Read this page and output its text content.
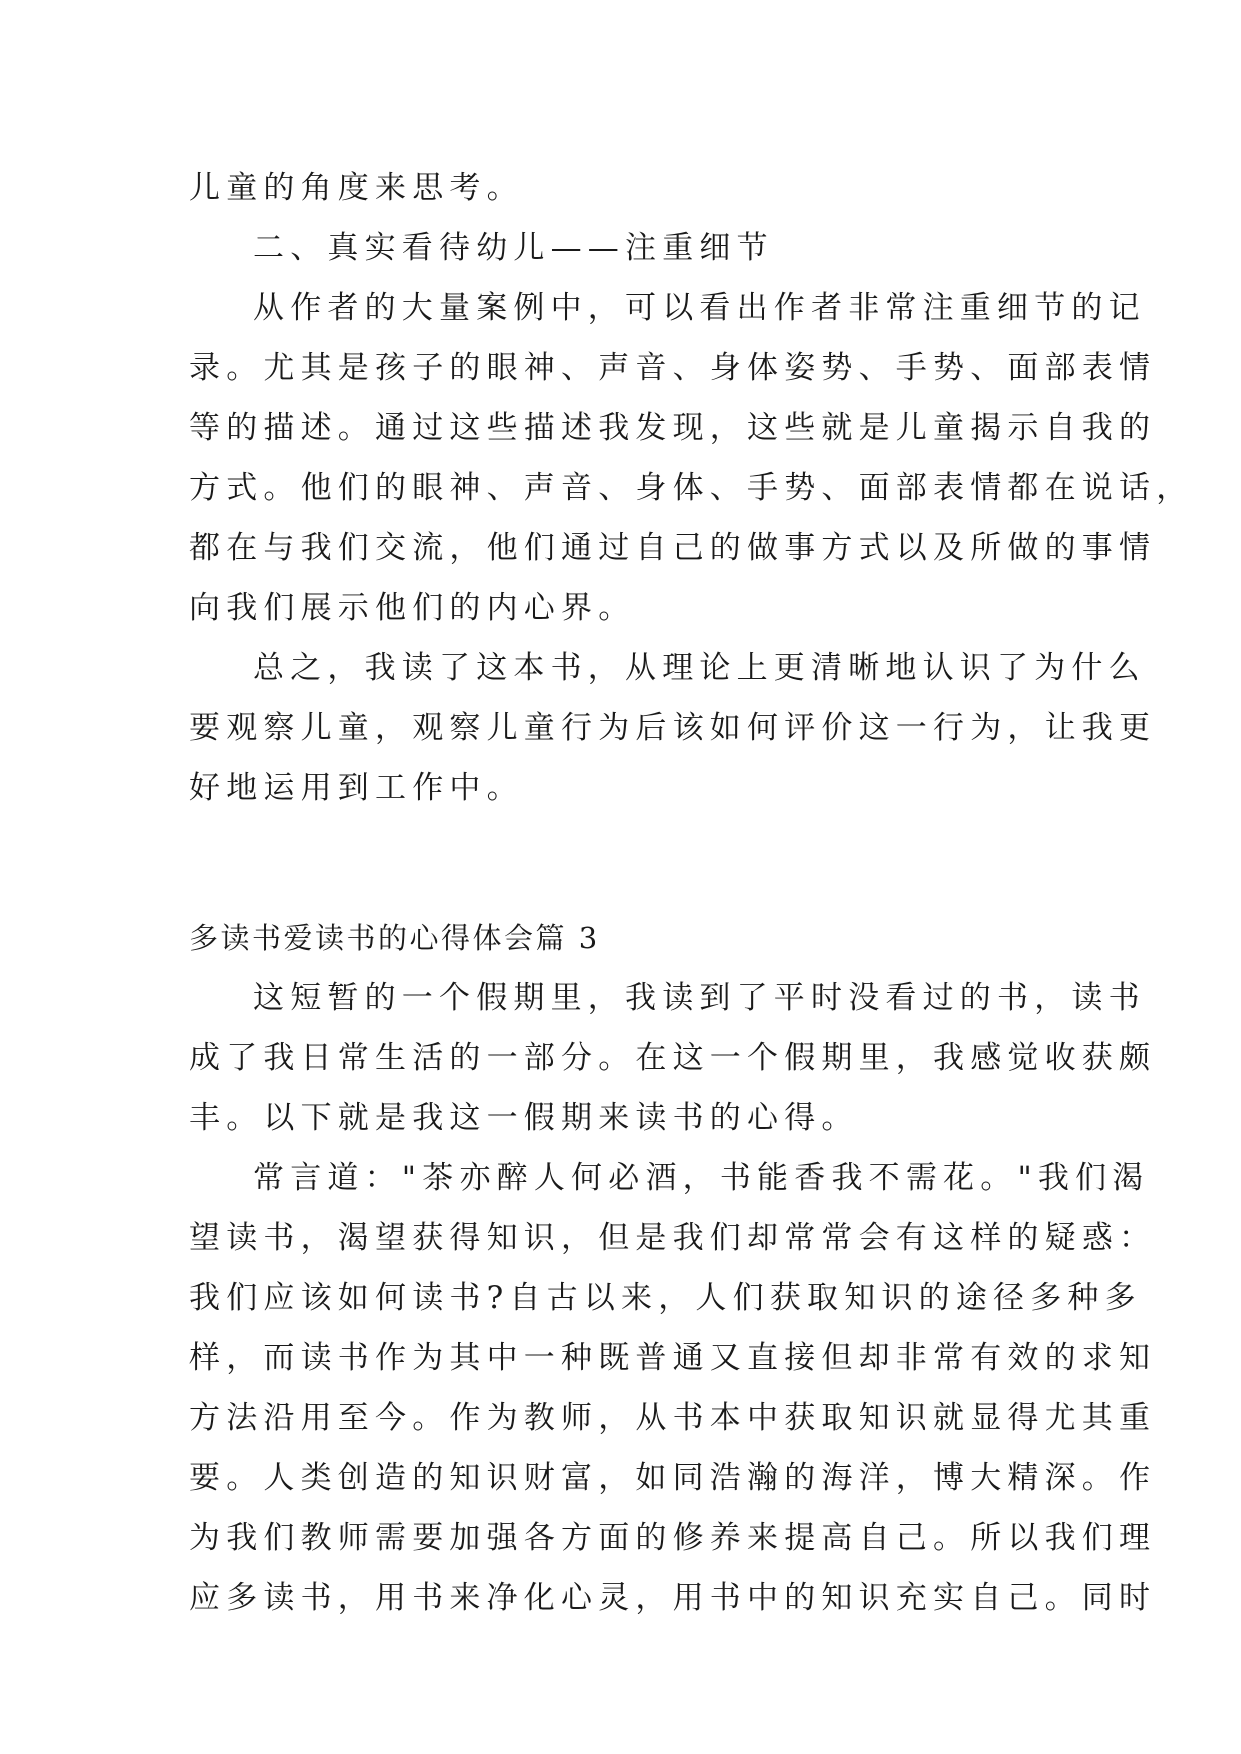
儿童的角度来思考。
二、真实看待幼儿——注重细节
从作者的大量案例中，可以看出作者非常注重细节的记
录。尤其是孩子的眼神、声音、身体姿势、手势、面部表情
等的描述。通过这些描述我发现，这些就是儿童揭示自我的
方式。他们的眼神、声音、身体、手势、面部表情都在说话，
都在与我们交流，他们通过自己的做事方式以及所做的事情
向我们展示他们的内心界。
总之，我读了这本书，从理论上更清晰地认识了为什么
要观察儿童，观察儿童行为后该如何评价这一行为，让我更
好地运用到工作中。
多读书爱读书的心得体会篇 3
这短暂的一个假期里，我读到了平时没看过的书，读书
成了我日常生活的一部分。在这一个假期里，我感觉收获颇
丰。以下就是我这一假期来读书的心得。
常言道："茶亦醉人何必酒，书能香我不需花。"我们渴
望读书，渴望获得知识，但是我们却常常会有这样的疑惑：
我们应该如何读书?自古以来，人们获取知识的途径多种多
样，而读书作为其中一种既普通又直接但却非常有效的求知
方法沿用至今。作为教师，从书本中获取知识就显得尤其重
要。人类创造的知识财富，如同浩瀚的海洋，博大精深。作
为我们教师需要加强各方面的修养来提高自己。所以我们理
应多读书，用书来净化心灵，用书中的知识充实自己。同时
